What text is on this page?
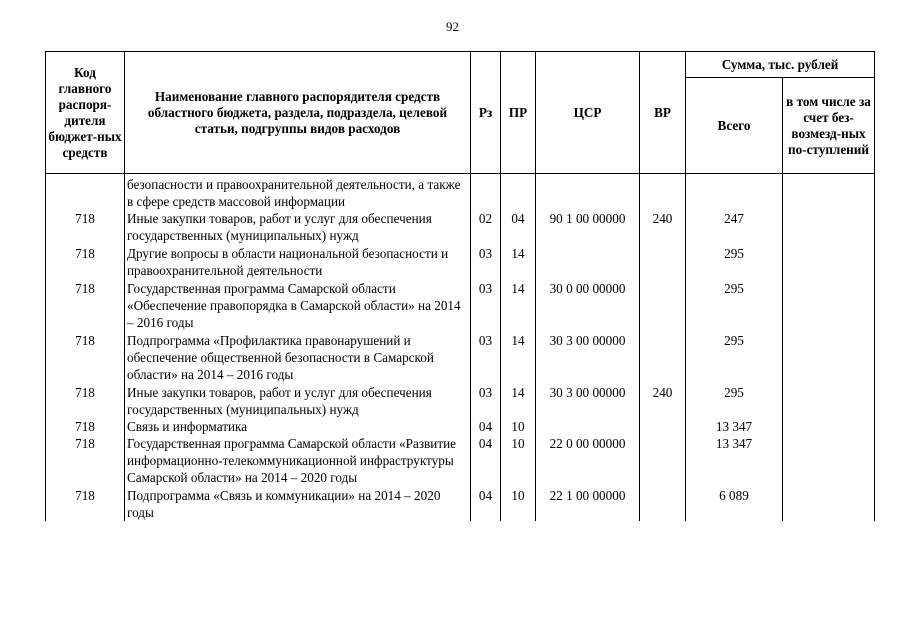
92
Код главного распоря-дителя бюджет-ных средств	Наименование главного распорядителя средств областного бюджета, раздела, подраздела, целевой статьи, подгруппы видов расходов	Рз	ПР	ЦСР	ВР	Сумма, тыс. рублей	
						Всего	в том числе за счет без-возмезд-ных по-ступлений
	безопасности и правоохранительной деятельности, а также в сфере средств массовой информации						
718	Иные закупки товаров, работ и услуг для обеспечения государственных (муниципальных) нужд	02	04	90 1 00 00000	240	247	
718	Другие вопросы в области национальной безопасности и правоохранительной деятельности	03	14			295	
718	Государственная программа Самарской области «Обеспечение правопорядка в Самарской области» на 2014 – 2016 годы	03	14	30 0 00 00000		295	
718	Подпрограмма «Профилактика правонарушений и обеспечение общественной безопасности в Самарской области» на 2014 – 2016 годы	03	14	30 3 00 00000		295	
718	Иные закупки товаров, работ и услуг для обеспечения государственных (муниципальных) нужд	03	14	30 3 00 00000	240	295	
718	Связь и информатика	04	10			13 347	
718	Государственная программа Самарской области «Развитие информационно-телекоммуникационной инфраструктуры Самарской области» на 2014 – 2020 годы	04	10	22 0 00 00000		13 347	
718	Подпрограмма «Связь и коммуникации» на 2014 – 2020 годы	04	10	22 1 00 00000		6 089	
